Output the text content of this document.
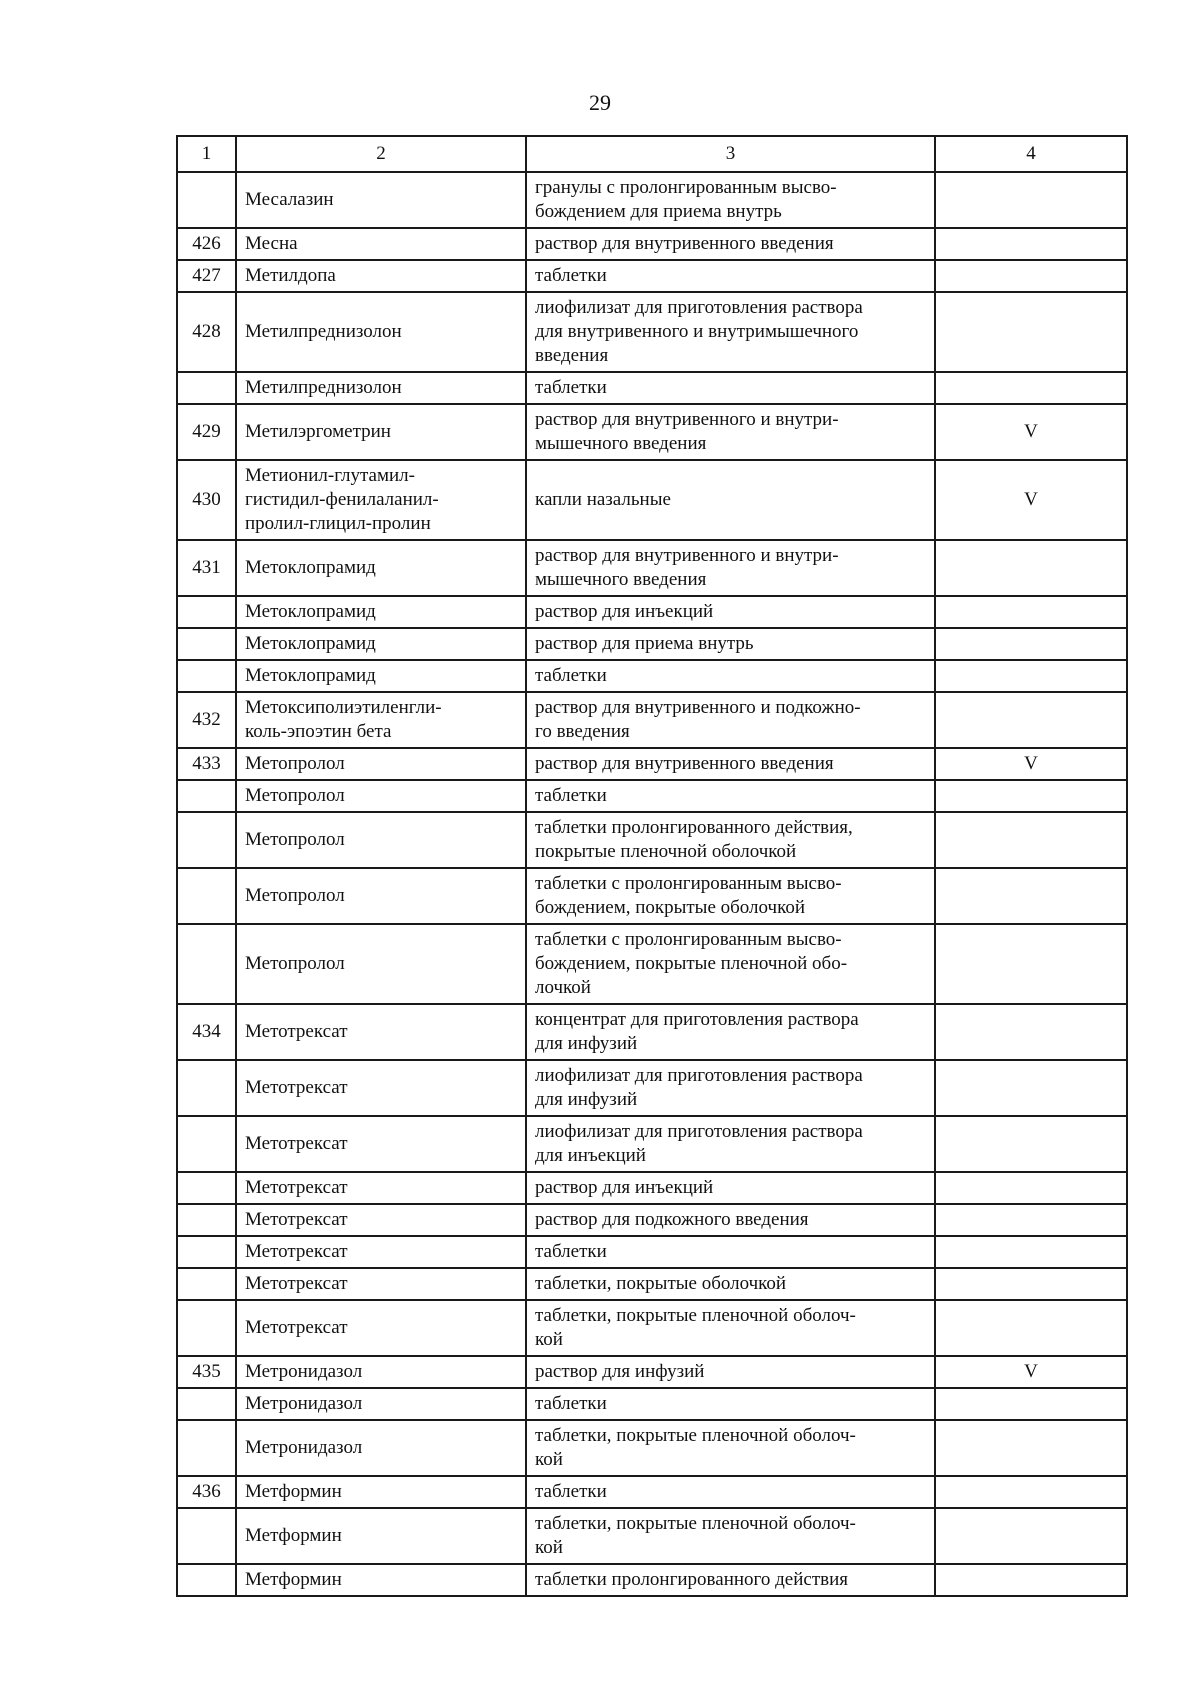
29
1	2	3	4
	Месалазин	гранулы с пролонгированным высво-
бождением для приема внутрь	
426	Месна	раствор для внутривенного введения	
427	Метилдопа	таблетки	
428	Метилпреднизолон	лиофилизат для приготовления раствора
для внутривенного и внутримышечного
введения	
	Метилпреднизолон	таблетки	
429	Метилэргометрин	раствор для внутривенного и внутри-
мышечного введения	V
430	Метионил-глутамил-
гистидил-фенилаланил-
пролил-глицил-пролин	капли назальные	V
431	Метоклопрамид	раствор для внутривенного и внутри-
мышечного введения	
	Метоклопрамид	раствор для инъекций	
	Метоклопрамид	раствор для приема внутрь	
	Метоклопрамид	таблетки	
432	Метоксиполиэтиленгли-
коль-эпоэтин бета	раствор для внутривенного и подкожно-
го введения	
433	Метопролол	раствор для внутривенного введения	V
	Метопролол	таблетки	
	Метопролол	таблетки пролонгированного действия,
покрытые пленочной оболочкой	
	Метопролол	таблетки с пролонгированным высво-
бождением, покрытые оболочкой	
	Метопролол	таблетки с пролонгированным высво-
бождением, покрытые пленочной обо-
лочкой	
434	Метотрексат	концентрат для приготовления раствора
для инфузий	
	Метотрексат	лиофилизат для приготовления раствора
для инфузий	
	Метотрексат	лиофилизат для приготовления раствора
для инъекций	
	Метотрексат	раствор для инъекций	
	Метотрексат	раствор для подкожного введения	
	Метотрексат	таблетки	
	Метотрексат	таблетки, покрытые оболочкой	
	Метотрексат	таблетки, покрытые пленочной оболоч-
кой	
435	Метронидазол	раствор для инфузий	V
	Метронидазол	таблетки	
	Метронидазол	таблетки, покрытые пленочной оболоч-
кой	
436	Метформин	таблетки	
	Метформин	таблетки, покрытые пленочной оболоч-
кой	
	Метформин	таблетки пролонгированного действия	
